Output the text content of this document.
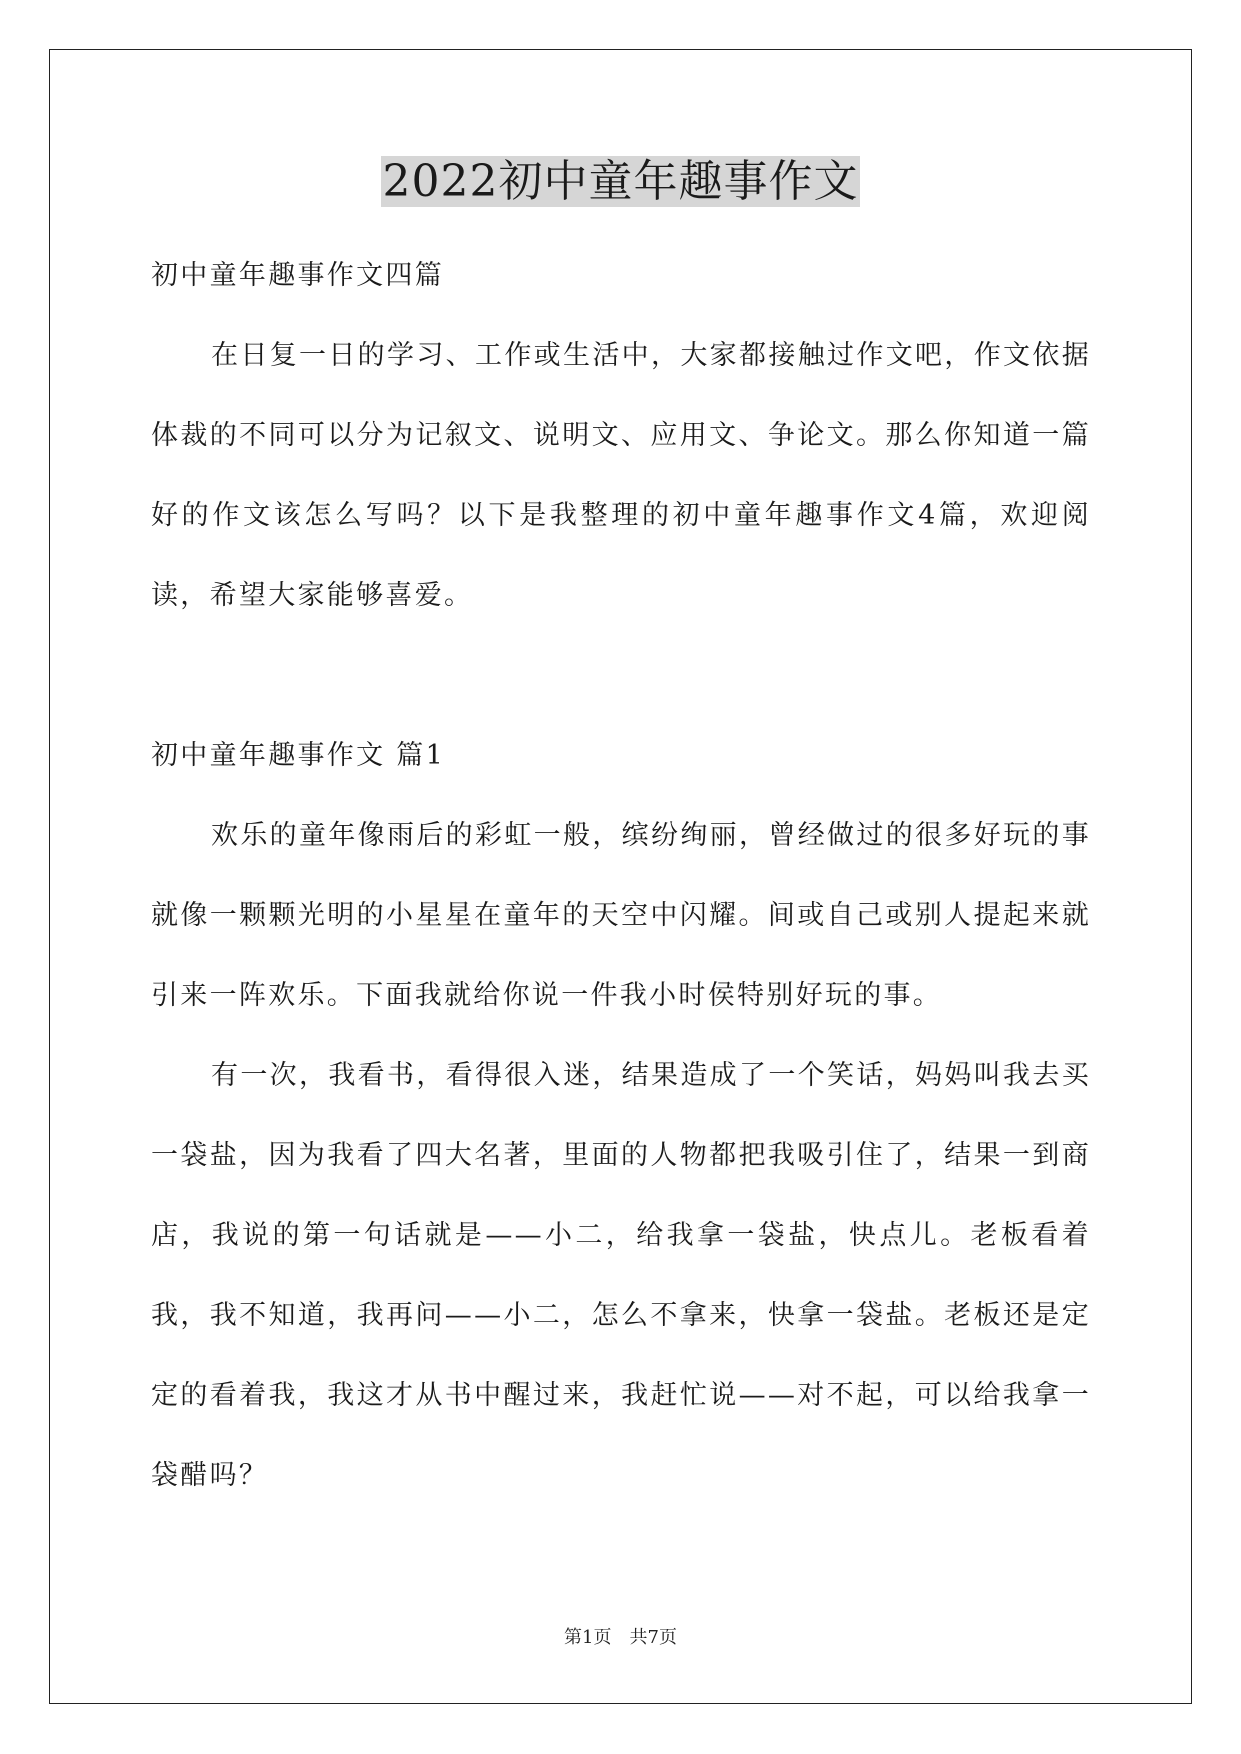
2022初中童年趣事作文

初中童年趣事作文四篇

在日复一日的学习、工作或生活中，大家都接触过作文吧，作文依据体裁的不同可以分为记叙文、说明文、应用文、争论文。那么你知道一篇好的作文该怎么写吗？以下是我整理的初中童年趣事作文4篇，欢迎阅读，希望大家能够喜爱。

初中童年趣事作文 篇1

欢乐的童年像雨后的彩虹一般，缤纷绚丽，曾经做过的很多好玩的事就像一颗颗光明的小星星在童年的天空中闪耀。间或自己或别人提起来就引来一阵欢乐。下面我就给你说一件我小时侯特别好玩的事。

有一次，我看书，看得很入迷，结果造成了一个笑话，妈妈叫我去买一袋盐，因为我看了四大名著，里面的人物都把我吸引住了，结果一到商店，我说的第一句话就是——小二，给我拿一袋盐，快点儿。老板看着我，我不知道，我再问——小二，怎么不拿来，快拿一袋盐。老板还是定定的看着我，我这才从书中醒过来，我赶忙说——对不起，可以给我拿一袋醋吗？

第1页　共7页
